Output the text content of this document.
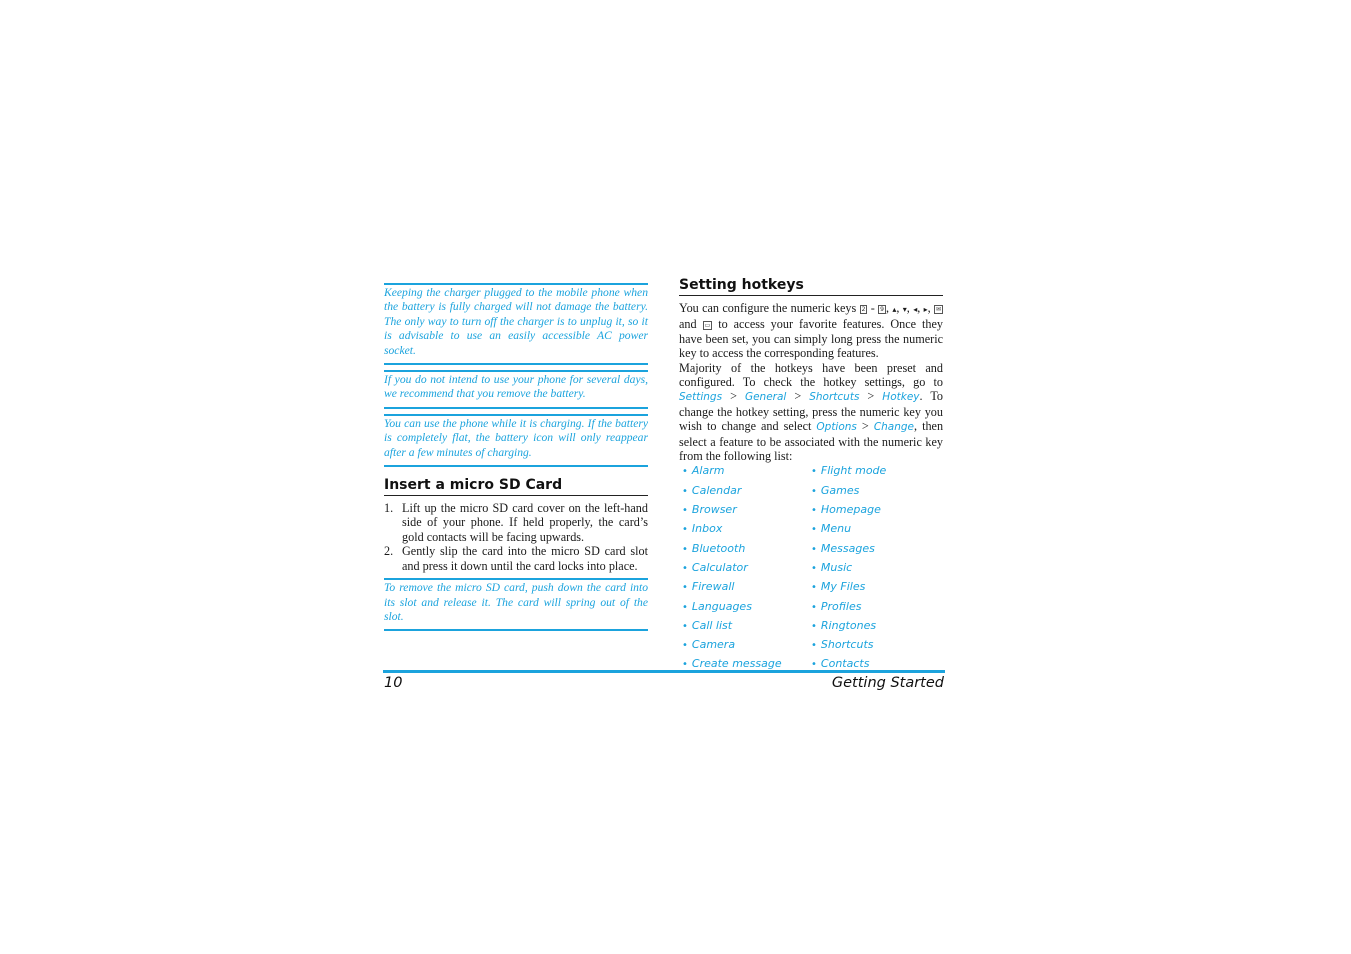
Keeping the charger plugged to the mobile phone when the battery is fully charged will not damage the battery. The only way to turn off the charger is to unplug it, so it is advisable to use an easily accessible AC power socket.

If you do not intend to use your phone for several days, we recommend that you remove the battery.

You can use the phone while it is charging. If the battery is completely flat, the battery icon will only reappear after a few minutes of charging.

Insert a micro SD Card
1. Lift up the micro SD card cover on the left-hand side of your phone. If held properly, the card’s gold contacts will be facing upwards.
2. Gently slip the card into the micro SD card slot and press it down until the card locks into place.

To remove the micro SD card, push down the card into its slot and release it. The card will spring out of the slot.

Setting hotkeys

You can configure the numeric keys 2 - 9 , ▴, ▾, ◂, ▸, ✉ and ▭ to access your favorite features. Once they have been set, you can simply long press the numeric key to access the corresponding features.

Majority of the hotkeys have been preset and configured. To check the hotkey settings, go to Settings > General > Shortcuts > Hotkey. To change the hotkey setting, press the numeric key you wish to change and select Options > Change, then select a feature to be associated with the numeric key from the following list:

• Alarm	• Flight mode
• Calendar	• Games
• Browser	• Homepage
• Inbox	• Menu
• Bluetooth	• Messages
• Calculator	• Music
• Firewall	• My Files
• Languages	• Profiles
• Call list	• Ringtones
• Camera	• Shortcuts
• Create message	• Contacts
10	Getting Started
